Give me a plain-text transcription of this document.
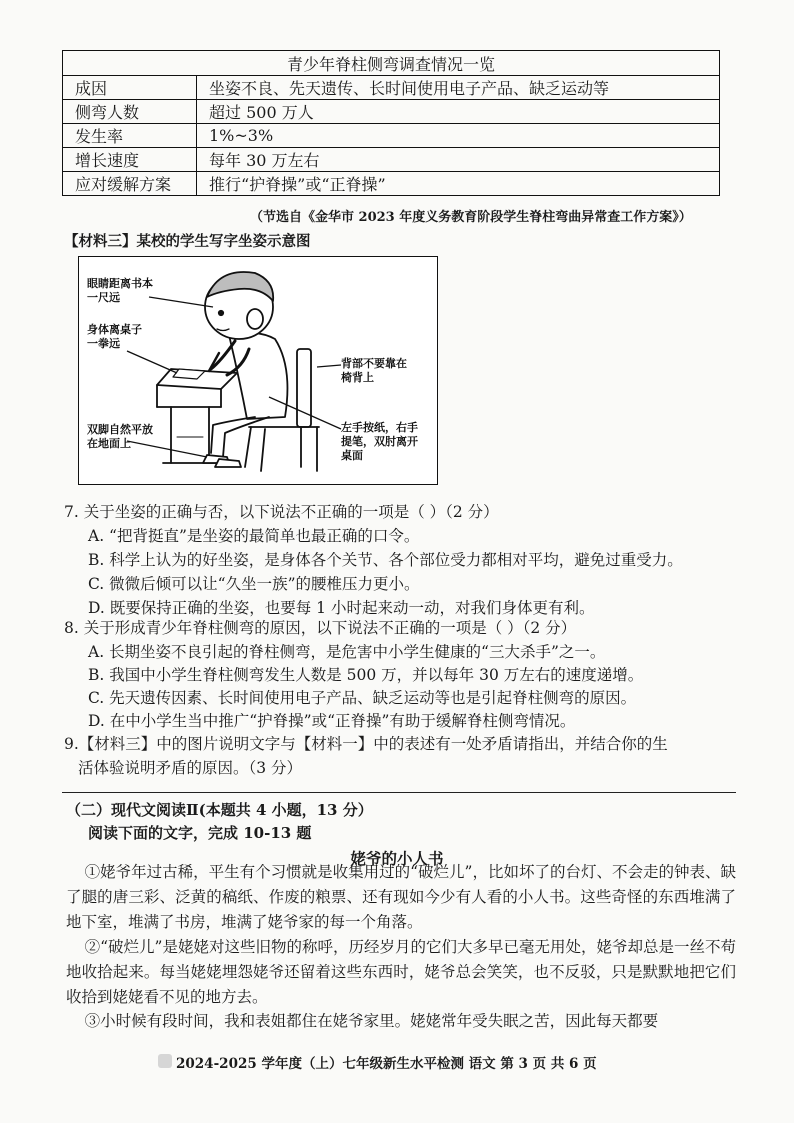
青少年脊柱侧弯调查情况一览	
成因	坐姿不良、先天遗传、长时间使用电子产品、缺乏运动等
侧弯人数	超过 500 万人
发生率	1%~3%
增长速度	每年 30 万左右
应对缓解方案	推行“护脊操”或“正脊操”
（节选自《金华市 2023 年度义务教育阶段学生脊柱弯曲异常查工作方案》）
【材料三】某校的学生写字坐姿示意图
眼睛距离书本一尺远
身体离桌子一拳远
背部不要靠在椅背上
左手按纸，右手提笔，双肘离开桌面
双脚自然平放在地面上
7. 关于坐姿的正确与否，以下说法不正确的一项是（ ）（2 分）
A. “把背挺直”是坐姿的最简单也最正确的口令。
B. 科学上认为的好坐姿，是身体各个关节、各个部位受力都相对平均，避免过重受力。
C. 微微后倾可以让“久坐一族”的腰椎压力更小。
D. 既要保持正确的坐姿，也要每 1 小时起来动一动，对我们身体更有利。
8. 关于形成青少年脊柱侧弯的原因，以下说法不正确的一项是（ ）（2 分）
A. 长期坐姿不良引起的脊柱侧弯，是危害中小学生健康的“三大杀手”之一。
B. 我国中小学生脊柱侧弯发生人数是 500 万，并以每年 30 万左右的速度递增。
C. 先天遗传因素、长时间使用电子产品、缺乏运动等也是引起脊柱侧弯的原因。
D. 在中小学生当中推广“护脊操”或“正脊操”有助于缓解脊柱侧弯情况。
9.【材料三】中的图片说明文字与【材料一】中的表述有一处矛盾请指出，并结合你的生
活体验说明矛盾的原因。（3 分）
（二）现代文阅读Ⅱ(本题共 4 小题，13 分）
阅读下面的文字，完成 10-13 题
姥爷的小人书
①姥爷年过古稀，平生有个习惯就是收集用过的“破烂儿”，比如坏了的台灯、不会走的钟表、缺了腿的唐三彩、泛黄的稿纸、作废的粮票、还有现如今少有人看的小人书。这些奇怪的东西堆满了地下室，堆满了书房，堆满了姥爷家的每一个角落。
②“破烂儿”是姥姥对这些旧物的称呼，历经岁月的它们大多早已毫无用处，姥爷却总是一丝不苟地收拾起来。每当姥姥埋怨姥爷还留着这些东西时，姥爷总会笑笑，也不反驳，只是默默地把它们收拾到姥姥看不见的地方去。
③小时候有段时间，我和表姐都住在姥爷家里。姥姥常年受失眠之苦，因此每天都要
2024-2025 学年度（上）七年级新生水平检测 语文 第 3 页 共 6 页
